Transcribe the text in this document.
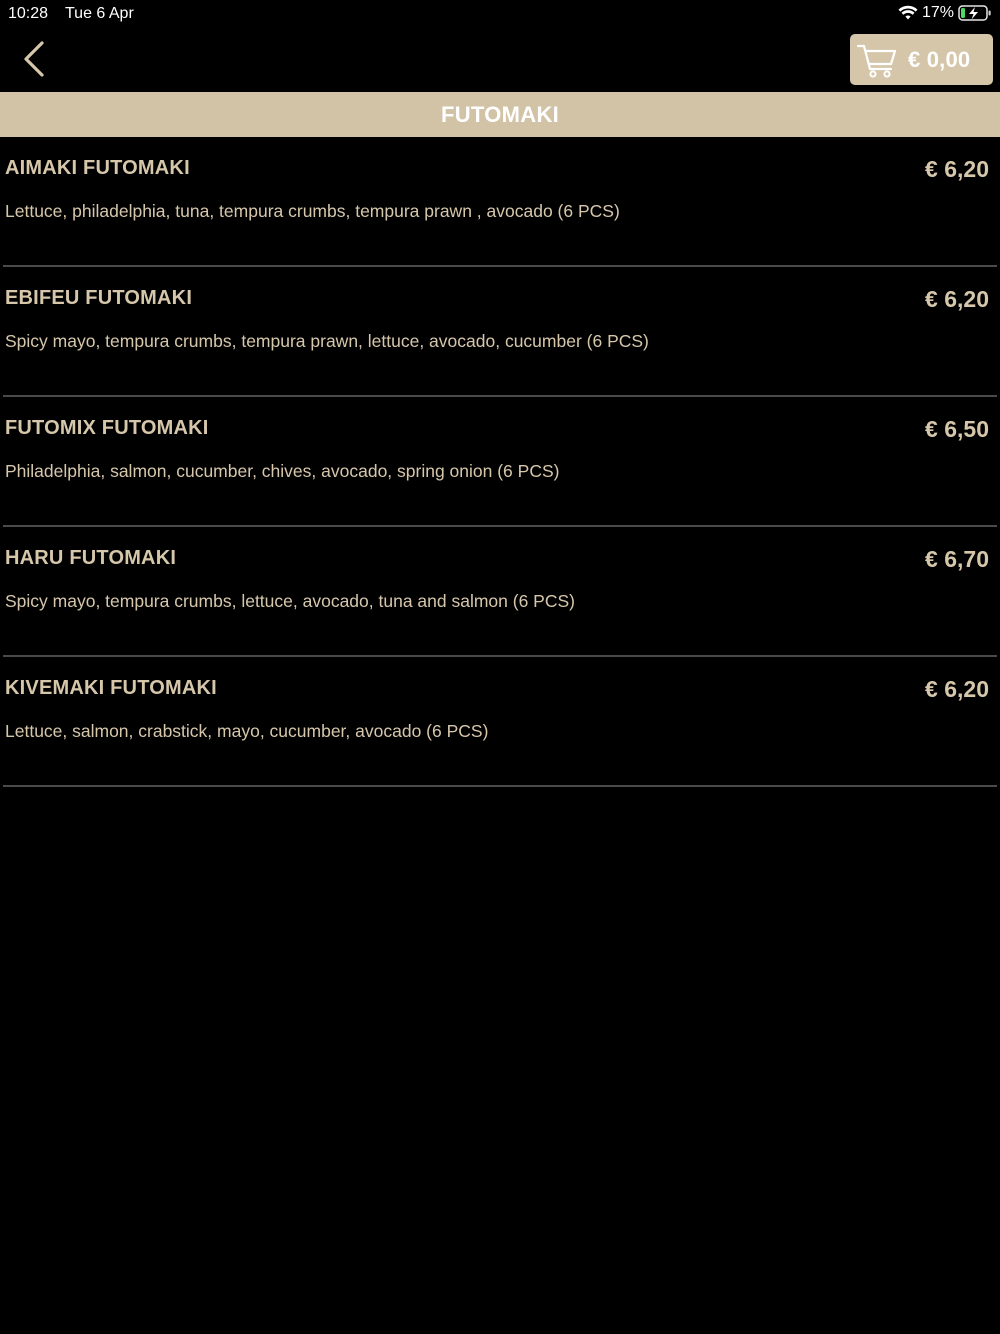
10:28 Tue 6 Apr	17%
€ 0,00
FUTOMAKI
AIMAKI FUTOMAKI	€ 6,20
Lettuce, philadelphia, tuna, tempura crumbs, tempura prawn , avocado (6 PCS)
EBIFEU FUTOMAKI	€ 6,20
Spicy mayo, tempura crumbs, tempura prawn, lettuce, avocado, cucumber (6 PCS)
FUTOMIX FUTOMAKI	€ 6,50
Philadelphia, salmon, cucumber, chives, avocado, spring onion (6 PCS)
HARU FUTOMAKI	€ 6,70
Spicy mayo, tempura crumbs, lettuce, avocado, tuna and salmon (6 PCS)
KIVEMAKI FUTOMAKI	€ 6,20
Lettuce, salmon, crabstick, mayo, cucumber, avocado (6 PCS)
